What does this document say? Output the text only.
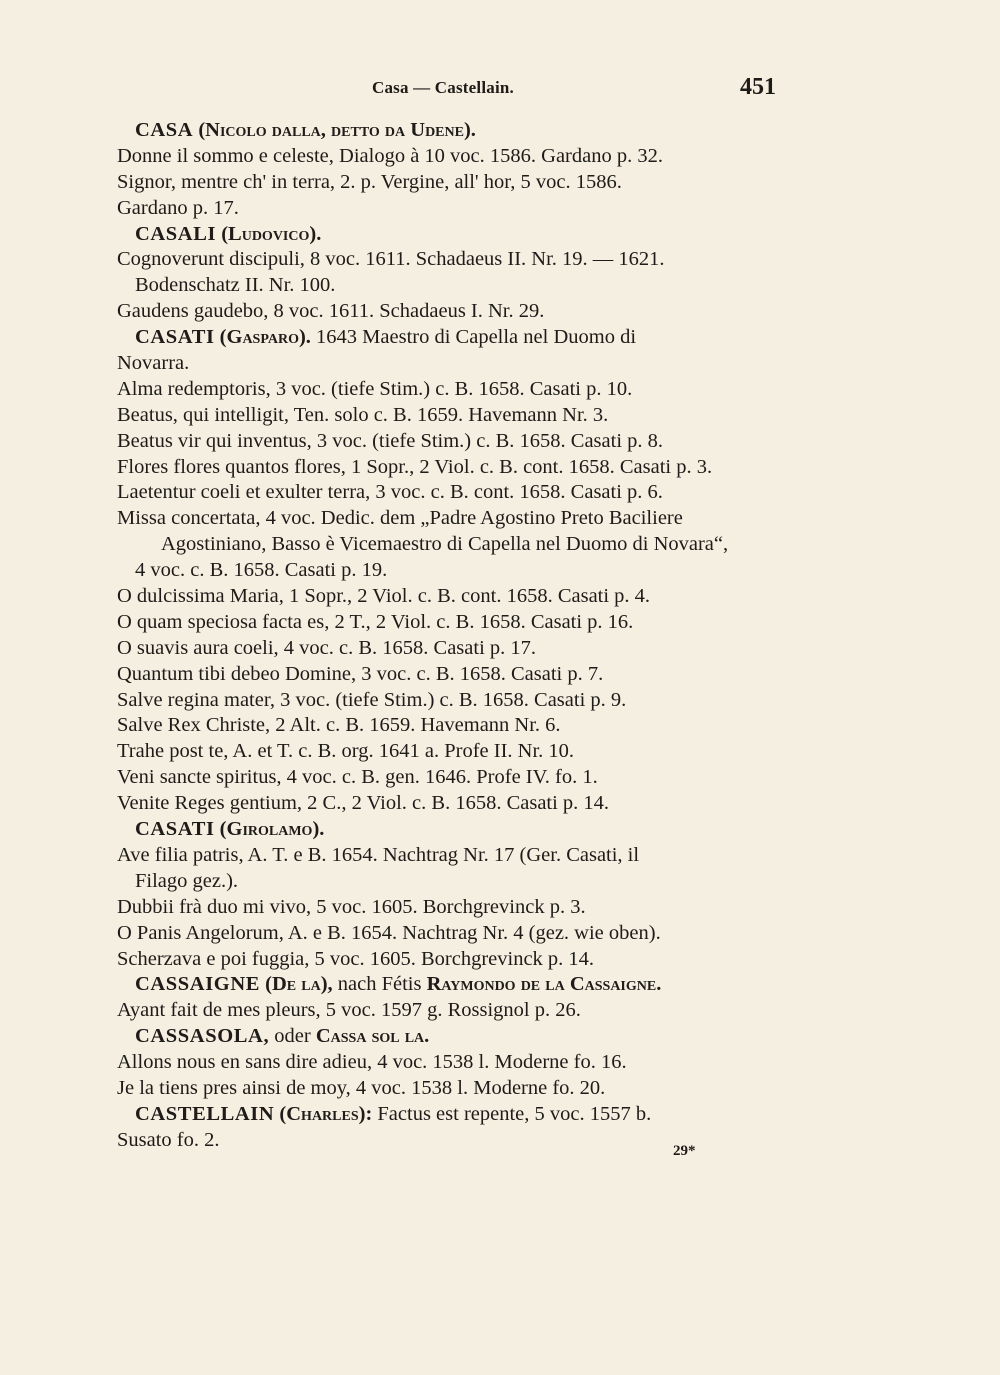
Casa — Castellain.	451
CASA (Nicolo dalla, detto da Udene).
Donne il sommo e celeste, Dialogo à 10 voc. 1586. Gardano p. 32.
Signor, mentre ch' in terra, 2. p. Vergine, all' hor, 5 voc. 1586.
Gardano p. 17.
CASALI (Ludovico).
Cognoverunt discipuli, 8 voc. 1611. Schadaeus II. Nr. 19. — 1621.
Bodenschatz II. Nr. 100.
Gaudens gaudebo, 8 voc. 1611. Schadaeus I. Nr. 29.
CASATI (Gasparo). 1643 Maestro di Capella nel Duomo di
Novarra.
Alma redemptoris, 3 voc. (tiefe Stim.) c. B. 1658. Casati p. 10.
Beatus, qui intelligit, Ten. solo c. B. 1659. Havemann Nr. 3.
Beatus vir qui inventus, 3 voc. (tiefe Stim.) c. B. 1658. Casati p. 8.
Flores flores quantos flores, 1 Sopr., 2 Viol. c. B. cont. 1658. Casati p. 3.
Laetentur coeli et exulter terra, 3 voc. c. B. cont. 1658. Casati p. 6.
Missa concertata, 4 voc. Dedic. dem „Padre Agostino Preto Baciliere
Agostiniano, Basso è Vicemaestro di Capella nel Duomo di Novara“,
4 voc. c. B. 1658. Casati p. 19.
O dulcissima Maria, 1 Sopr., 2 Viol. c. B. cont. 1658. Casati p. 4.
O quam speciosa facta es, 2 T., 2 Viol. c. B. 1658. Casati p. 16.
O suavis aura coeli, 4 voc. c. B. 1658. Casati p. 17.
Quantum tibi debeo Domine, 3 voc. c. B. 1658. Casati p. 7.
Salve regina mater, 3 voc. (tiefe Stim.) c. B. 1658. Casati p. 9.
Salve Rex Christe, 2 Alt. c. B. 1659. Havemann Nr. 6.
Trahe post te, A. et T. c. B. org. 1641 a. Profe II. Nr. 10.
Veni sancte spiritus, 4 voc. c. B. gen. 1646. Profe IV. fo. 1.
Venite Reges gentium, 2 C., 2 Viol. c. B. 1658. Casati p. 14.
CASATI (Girolamo).
Ave filia patris, A. T. e B. 1654. Nachtrag Nr. 17 (Ger. Casati, il
Filago gez.).
Dubbii frà duo mi vivo, 5 voc. 1605. Borchgrevinck p. 3.
O Panis Angelorum, A. e B. 1654. Nachtrag Nr. 4 (gez. wie oben).
Scherzava e poi fuggia, 5 voc. 1605. Borchgrevinck p. 14.
CASSAIGNE (De la), nach Fétis Raymondo de la Cassaigne.
Ayant fait de mes pleurs, 5 voc. 1597 g. Rossignol p. 26.
CASSASOLA, oder Cassa sol la.
Allons nous en sans dire adieu, 4 voc. 1538 l. Moderne fo. 16.
Je la tiens pres ainsi de moy, 4 voc. 1538 l. Moderne fo. 20.
CASTELLAIN (Charles): Factus est repente, 5 voc. 1557 b.
Susato fo. 2.
29*
